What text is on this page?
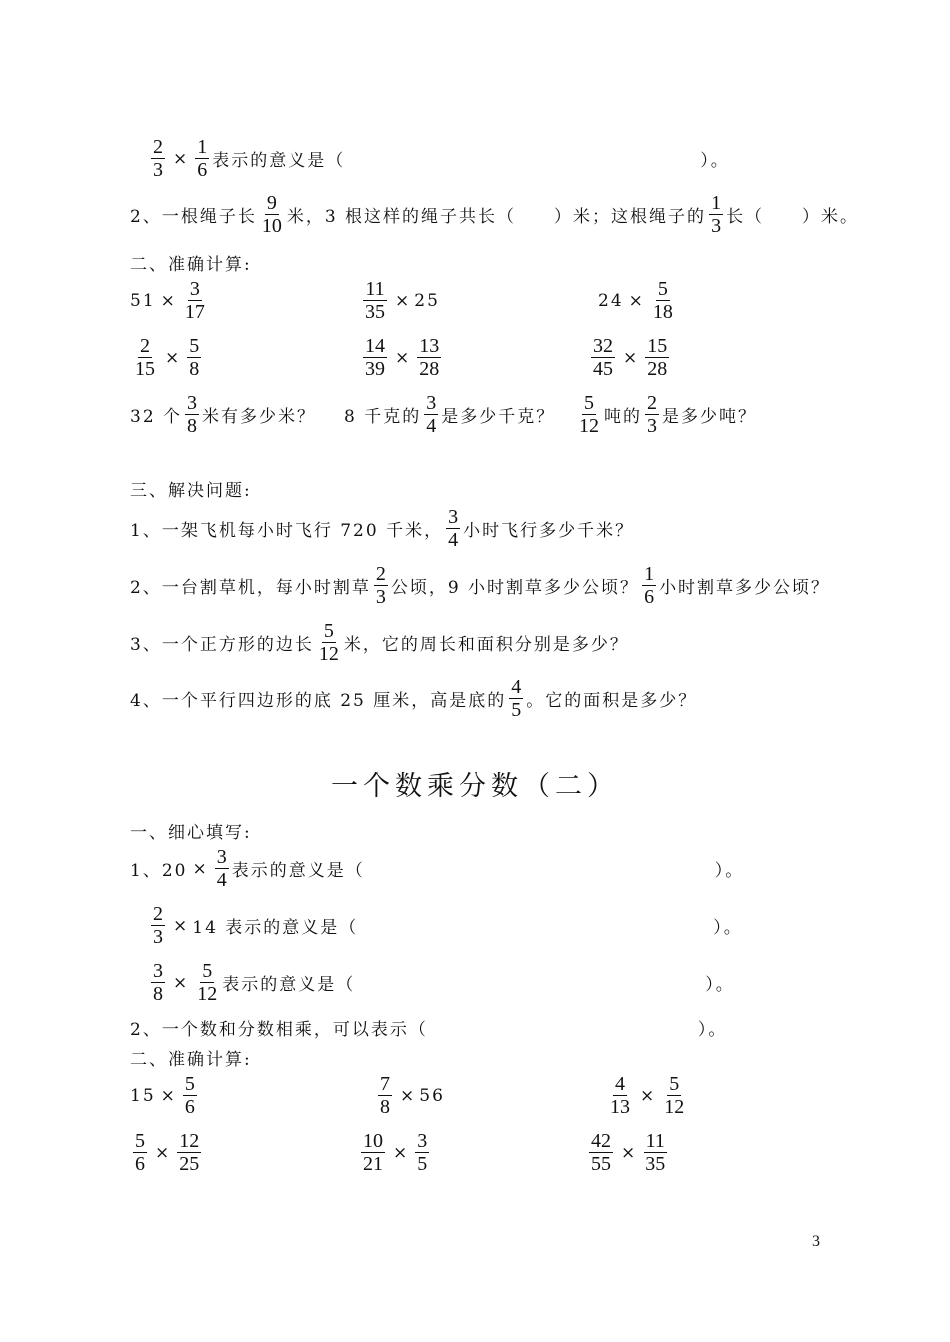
$\frac{2}{3} \times \frac{1}{6}$ 表示的意义是（	）。
2、一根绳子长 $\frac{9}{10}$ 米，3 根这样的绳子共长（　　）米；这根绳子的 $\frac{1}{3}$ 长（　　）米。
二、准确计算:
$51 \times \frac{3}{17}$	$\frac{11}{35} \times 25$	$24 \times \frac{5}{18}$
$\frac{2}{15} \times \frac{5}{8}$	$\frac{14}{39} \times \frac{13}{28}$	$\frac{32}{45} \times \frac{15}{28}$
32 个 $\frac{3}{8}$ 米有多少米？ 8 千克的 $\frac{3}{4}$ 是多少千克？ $\frac{5}{12}$ 吨的 $\frac{2}{3}$ 是多少吨？
三、解决问题:
1、一架飞机每小时飞行 720 千米， $\frac{3}{4}$ 小时飞行多少千米？
2、一台割草机，每小时割草 $\frac{2}{3}$ 公顷，9 小时割草多少公顷？ $\frac{1}{6}$ 小时割草多少公顷？
3、一个正方形的边长 $\frac{5}{12}$ 米，它的周长和面积分别是多少？
4、一个平行四边形的底 25 厘米，高是底的 $\frac{4}{5}$ 。它的面积是多少？
一个数乘分数（二）
一、细心填写:
1、$20 \times \frac{3}{4}$ 表示的意义是（	）。
$\frac{2}{3} \times 14$ 表示的意义是（	）。
$\frac{3}{8} \times \frac{5}{12}$ 表示的意义是（	）。
2、一个数和分数相乘，可以表示（	）。
二、准确计算:
$15 \times \frac{5}{6}$	$\frac{7}{8} \times 56$	$\frac{4}{13} \times \frac{5}{12}$
$\frac{5}{6} \times \frac{12}{25}$	$\frac{10}{21} \times \frac{3}{5}$	$\frac{42}{55} \times \frac{11}{35}$
3
